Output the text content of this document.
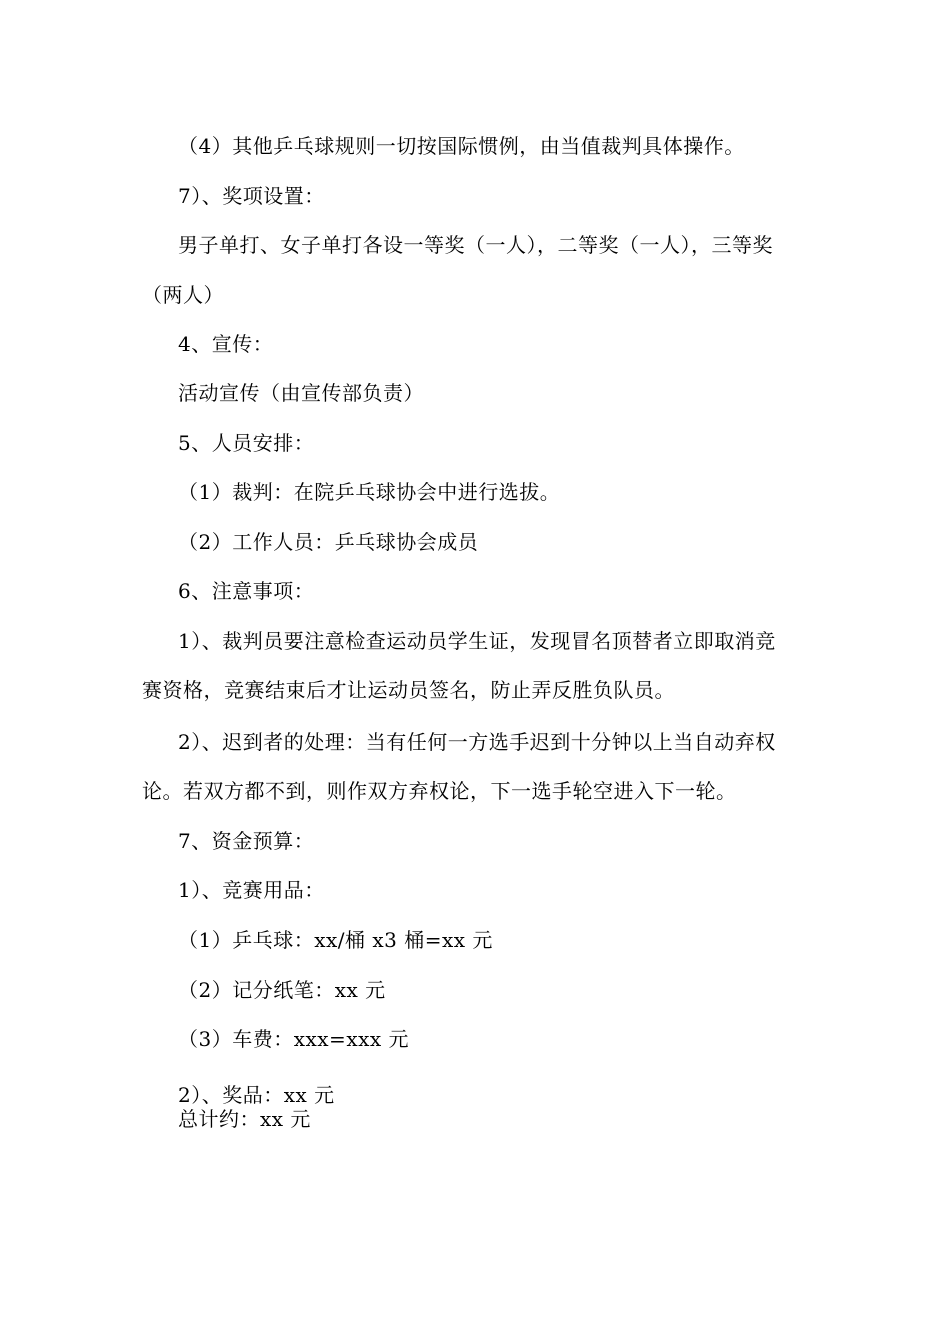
（4）其他乒乓球规则一切按国际惯例，由当值裁判具体操作。
7）、奖项设置：
男子单打、女子单打各设一等奖（一人），二等奖（一人），三等奖
（两人）
4、宣传：
活动宣传（由宣传部负责）
5、人员安排：
（1）裁判：在院乒乓球协会中进行选拔。
（2）工作人员：乒乓球协会成员
6、注意事项：
1）、裁判员要注意检查运动员学生证，发现冒名顶替者立即取消竞
赛资格，竞赛结束后才让运动员签名，防止弄反胜负队员。
2）、迟到者的处理：当有任何一方选手迟到十分钟以上当自动弃权
论。若双方都不到，则作双方弃权论，下一选手轮空进入下一轮。
7、资金预算：
1）、竞赛用品：
（1）乒乓球：xx/桶 x3 桶=xx 元
（2）记分纸笔：xx 元
（3）车费：xxx=xxx 元
2）、奖品：xx 元
总计约：xx 元
